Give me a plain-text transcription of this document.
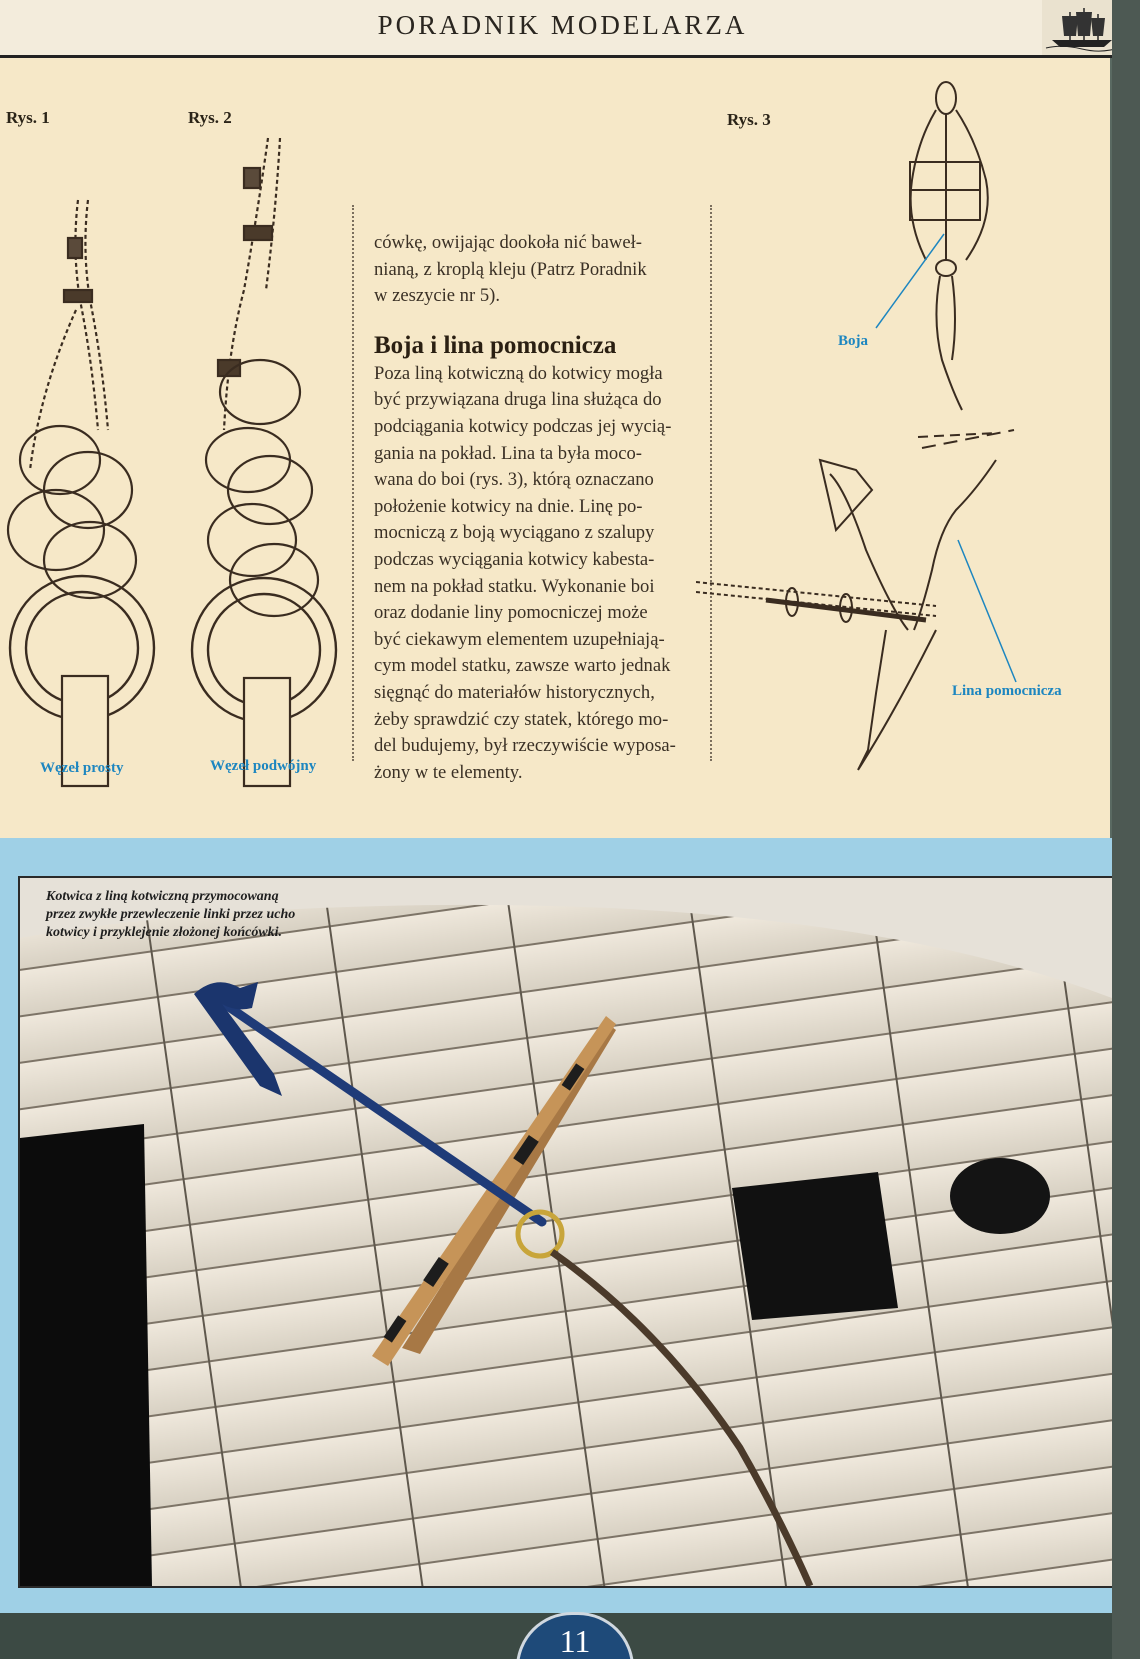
PORADNIK MODELARZA
Rys. 1	Rys. 2	Rys. 3
Węzeł prosty	Węzeł podwójny

cówkę, owijając dookoła nić baweł-
nianą, z kroplą kleju (Patrz Poradnik
w zeszycie nr 5).

Boja i lina pomocnicza

Poza liną kotwiczną do kotwicy mogła
być przywiązana druga lina służąca do
podciągania kotwicy podczas jej wycią-
gania na pokład. Lina ta była moco-
wana do boi (rys. 3), którą oznaczano
położenie kotwicy na dnie. Linę po-
mocniczą z boją wyciągano z szalupy
podczas wyciągania kotwicy kabesta-
nem na pokład statku. Wykonanie boi
oraz dodanie liny pomocniczej może
być ciekawym elementem uzupełniają-
cym model statku, zawsze warto jednak
sięgnąć do materiałów historycznych,
żeby sprawdzić czy statek, którego mo-
del budujemy, był rzeczywiście wyposa-
żony w te elementy.

Boja
Lina pomocnicza
Kotwica z liną kotwiczną przymocowaną
przez zwykłe przewleczenie linki przez ucho
kotwicy i przyklejenie złożonej końcówki.
11
